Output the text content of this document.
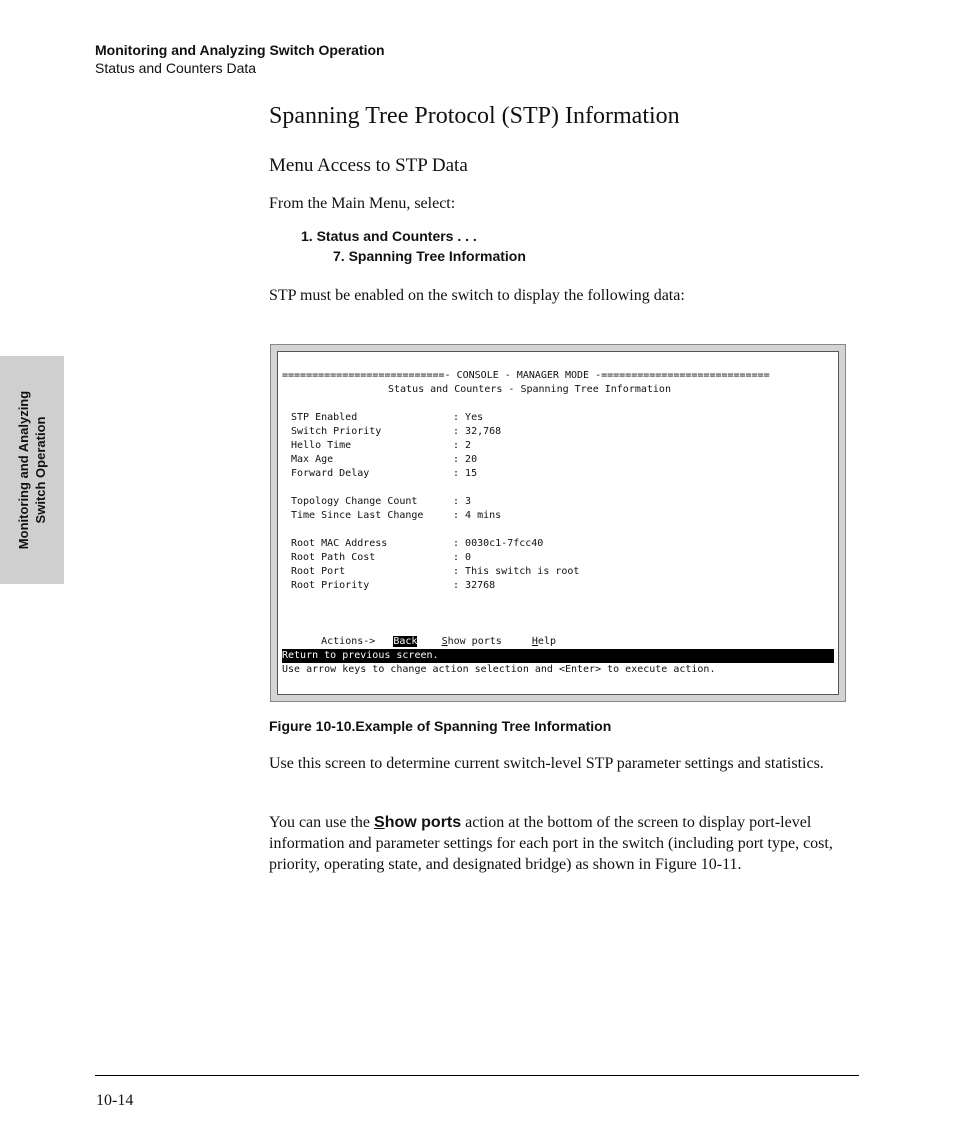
Monitoring and Analyzing Switch Operation
Status and Counters Data
Monitoring and Analyzing Switch Operation
Spanning Tree Protocol (STP) Information
Menu Access to STP Data
From the Main Menu, select:
1. Status and Counters . . .
7. Spanning Tree Information
STP must be enabled on the switch to display the following data:
===========================- CONSOLE - MANAGER MODE -============================
Status and Counters - Spanning Tree Information
STP Enabled	: Yes
Switch Priority	: 32,768
Hello Time	: 2
Max Age	: 20
Forward Delay	: 15
Topology Change Count	: 3
Time Since Last Change	: 4 mins
Root MAC Address	: 0030c1-7fcc40
Root Path Cost	: 0
Root Port	: This switch is root
Root Priority	: 32768

Actions-> Back Show ports	Help

Return to previous screen.
Use arrow keys to change action selection and <Enter> to execute action.
Figure 10-10.Example of Spanning Tree Information
Use this screen to determine current switch-level STP parameter settings and statistics.
You can use the Show ports action at the bottom of the screen to display port-level information and parameter settings for each port in the switch (including port type, cost, priority, operating state, and designated bridge) as shown in Figure 10-11.
10-14
